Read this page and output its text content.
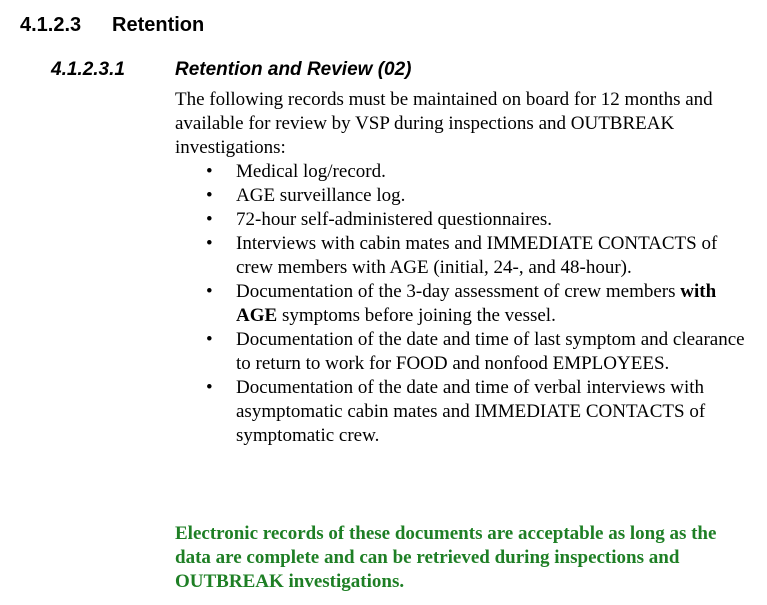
4.1.2.3 Retention
4.1.2.3.1	Retention and Review (02)

The following records must be maintained on board for 12 months and available for review by VSP during inspections and OUTBREAK investigations:

• Medical log/record.
• AGE surveillance log.
• 72-hour self-administered questionnaires.
• Interviews with cabin mates and IMMEDIATE CONTACTS of crew members with AGE (initial, 24-, and 48-hour).
• Documentation of the 3-day assessment of crew members with AGE symptoms before joining the vessel.
• Documentation of the date and time of last symptom and clearance to return to work for FOOD and nonfood EMPLOYEES.
• Documentation of the date and time of verbal interviews with asymptomatic cabin mates and IMMEDIATE CONTACTS of symptomatic crew.
Electronic records of these documents are acceptable as long as the data are complete and can be retrieved during inspections and OUTBREAK investigations.
